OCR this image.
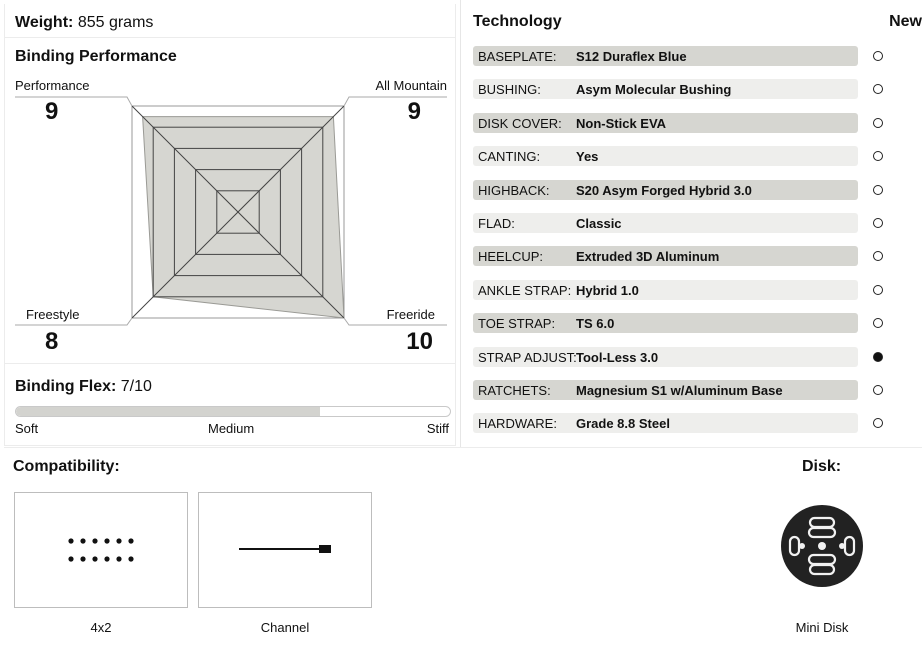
Weight: 855 grams
Binding Performance
Performance
9
All Mountain
9
Freestyle
8
Freeride
10
Binding Flex: 7/10
Soft	Medium	Stiff
Technology	New
BASEPLATE: S12 Duraflex Blue
BUSHING:	Asym Molecular Bushing
DISK COVER: Non-Stick EVA
CANTING:	Yes
HIGHBACK: S20 Asym Forged Hybrid 3.0
FLAD:	Classic
HEELCUP:	Extruded 3D Aluminum
ANKLE STRAP: Hybrid 1.0
TOE STRAP: TS 6.0
STRAP ADJUST: Tool-Less 3.0
RATCHETS: Magnesium S1 w/Aluminum Base
HARDWARE: Grade 8.8 Steel
Compatibility:	Disk:
4x2	Channel	Mini Disk
